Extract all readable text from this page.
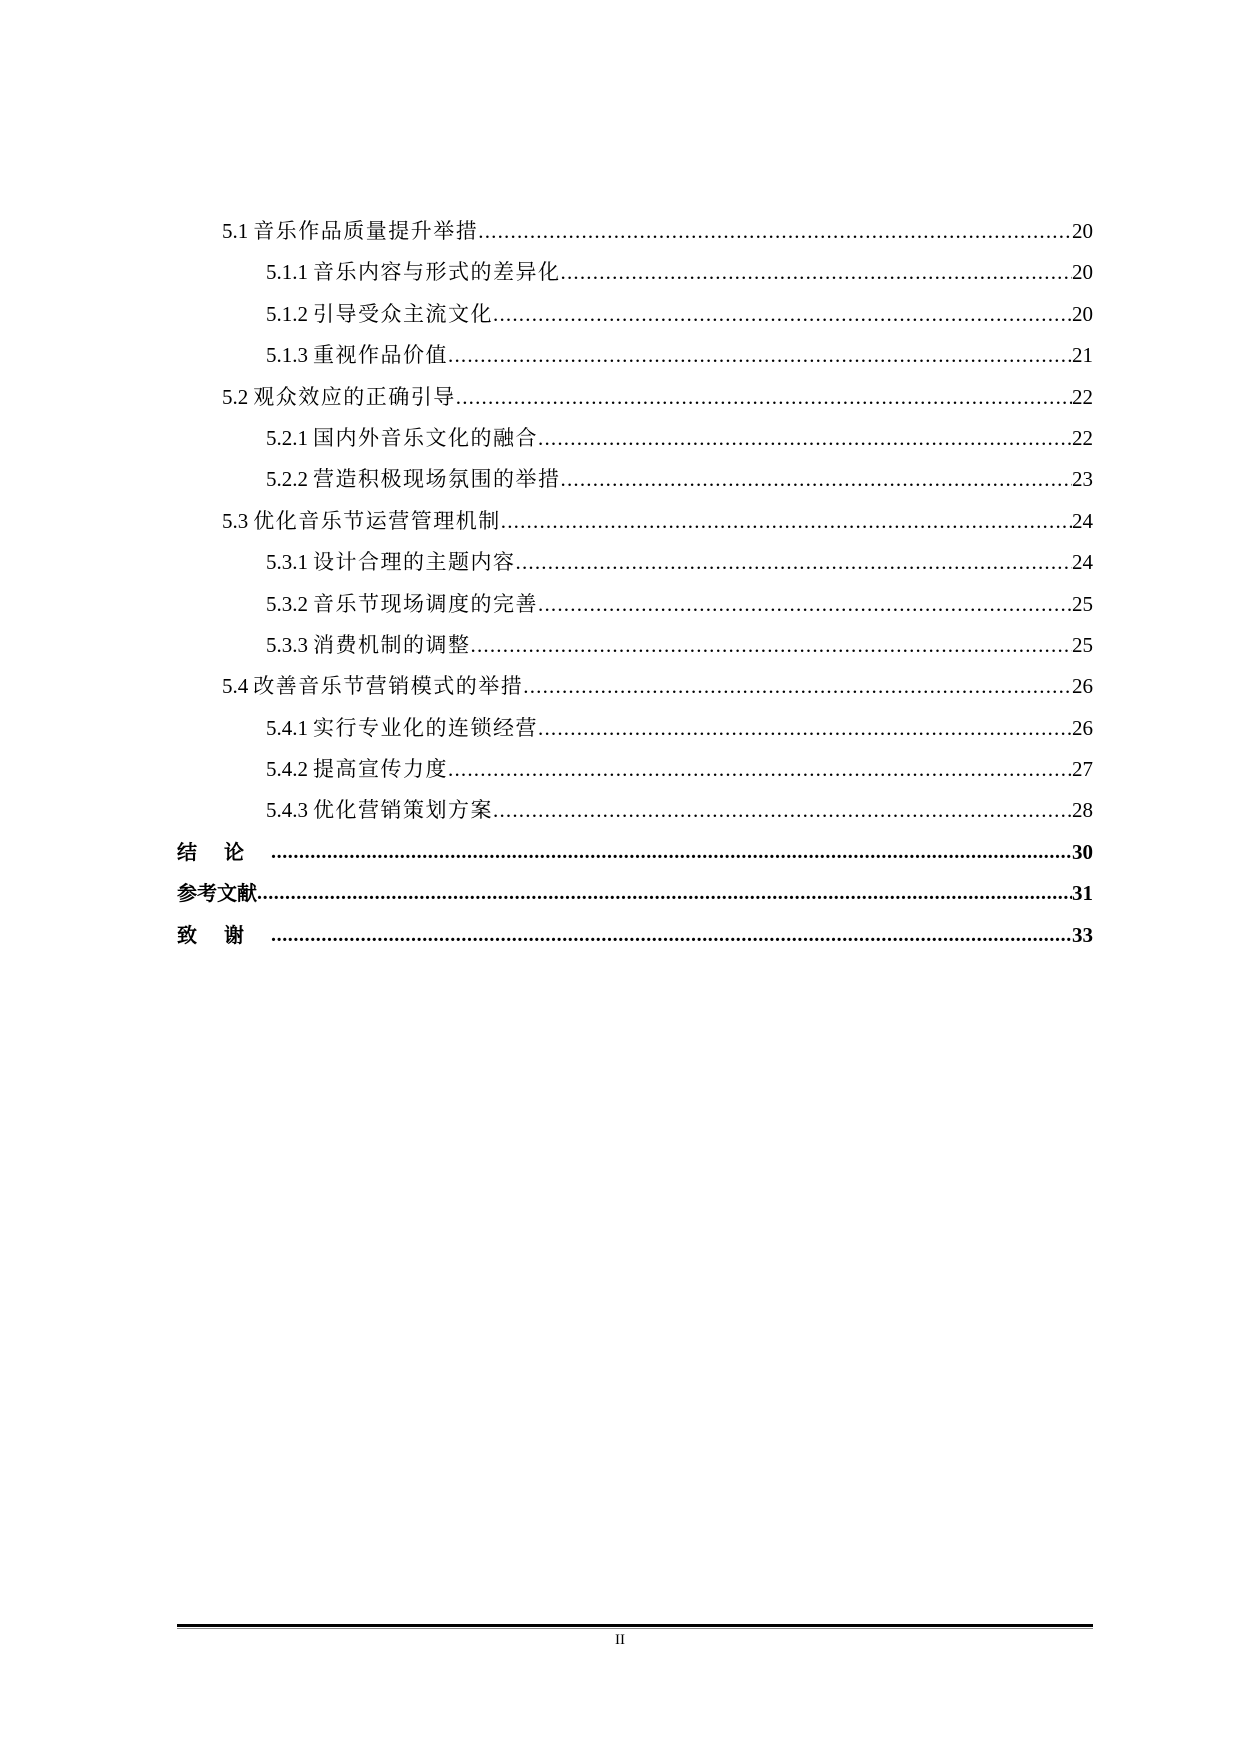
5.1 音乐作品质量提升举措 .....	20
5.1.1 音乐内容与形式的差异化 .....	20
5.1.2 引导受众主流文化 .....	20
5.1.3 重视作品价值 .....	21
5.2 观众效应的正确引导 .....	22
5.2.1 国内外音乐文化的融合 .....	22
5.2.2 营造积极现场氛围的举措 .....	23
5.3 优化音乐节运营管理机制 .....	24
5.3.1 设计合理的主题内容 .....	24
5.3.2 音乐节现场调度的完善 .....	25
5.3.3 消费机制的调整 .....	25
5.4 改善音乐节营销模式的举措 .....	26
5.4.1 实行专业化的连锁经营 .....	26
5.4.2 提高宣传力度 .....	27
5.4.3 优化营销策划方案 .....	28
结论 .....	30
参考文献 .....	31
致谢 .....	33
II
